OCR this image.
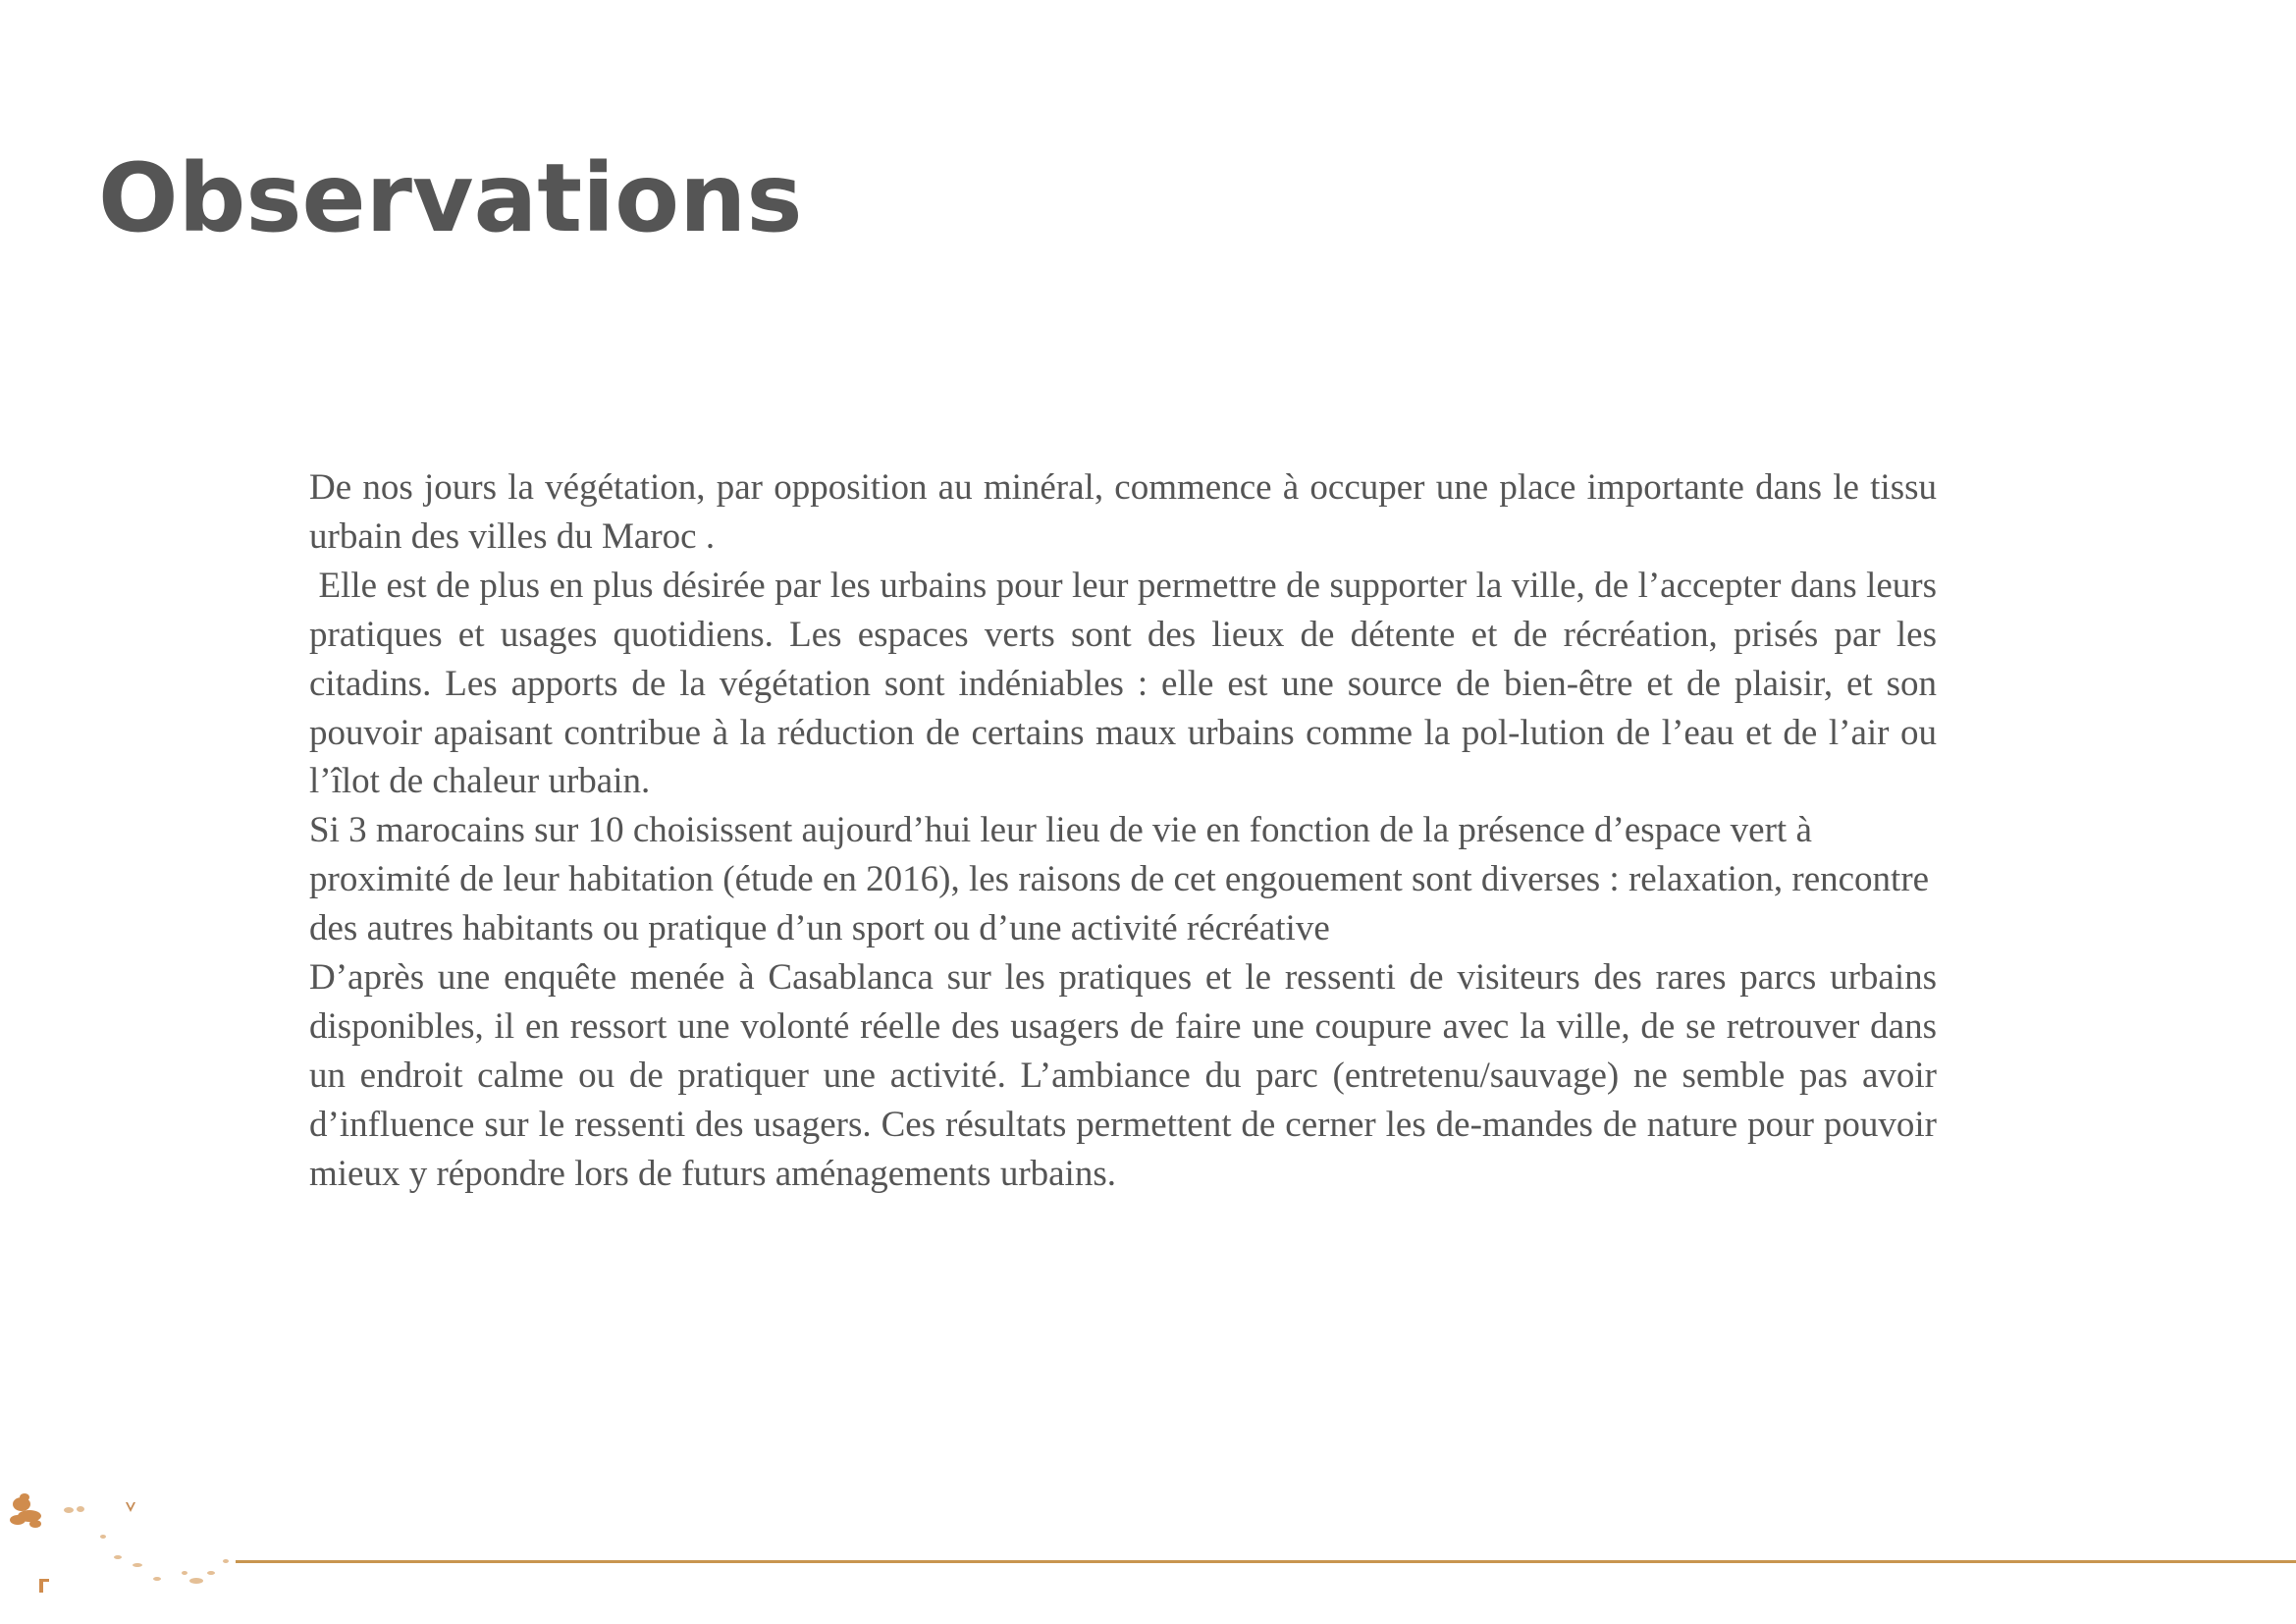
Observations

De nos jours la végétation, par opposition au minéral, commence à occuper une place importante dans le tissu urbain des villes du Maroc .

Elle est de plus en plus désirée par les urbains pour leur permettre de supporter la ville, de l’accepter dans leurs pratiques et usages quotidiens. Les espaces verts sont des lieux de détente et de récréation, prisés par les citadins. Les apports de la végétation sont indéniables : elle est une source de bien-être et de plaisir, et son pouvoir apaisant contribue à la réduction de certains maux urbains comme la pol-lution de l’eau et de l’air ou l’îlot de chaleur urbain.

Si 3 marocains sur 10 choisissent aujourd’hui leur lieu de vie en fonction de la présence d’espace vert à proximité de leur habitation (étude en 2016), les raisons de cet engouement sont diverses : relaxation, rencontre des autres habitants ou pratique d’un sport ou d’une activité récréative

D’après une enquête menée à Casablanca sur les pratiques et le ressenti de visiteurs des rares parcs urbains disponibles, il en ressort une volonté réelle des usagers de faire une coupure avec la ville, de se retrouver dans un endroit calme ou de pratiquer une activité. L’ambiance du parc (entretenu/sauvage) ne semble pas avoir d’influence sur le ressenti des usagers. Ces résultats permettent de cerner les de-mandes de nature pour pouvoir mieux y répondre lors de futurs aménagements urbains.
